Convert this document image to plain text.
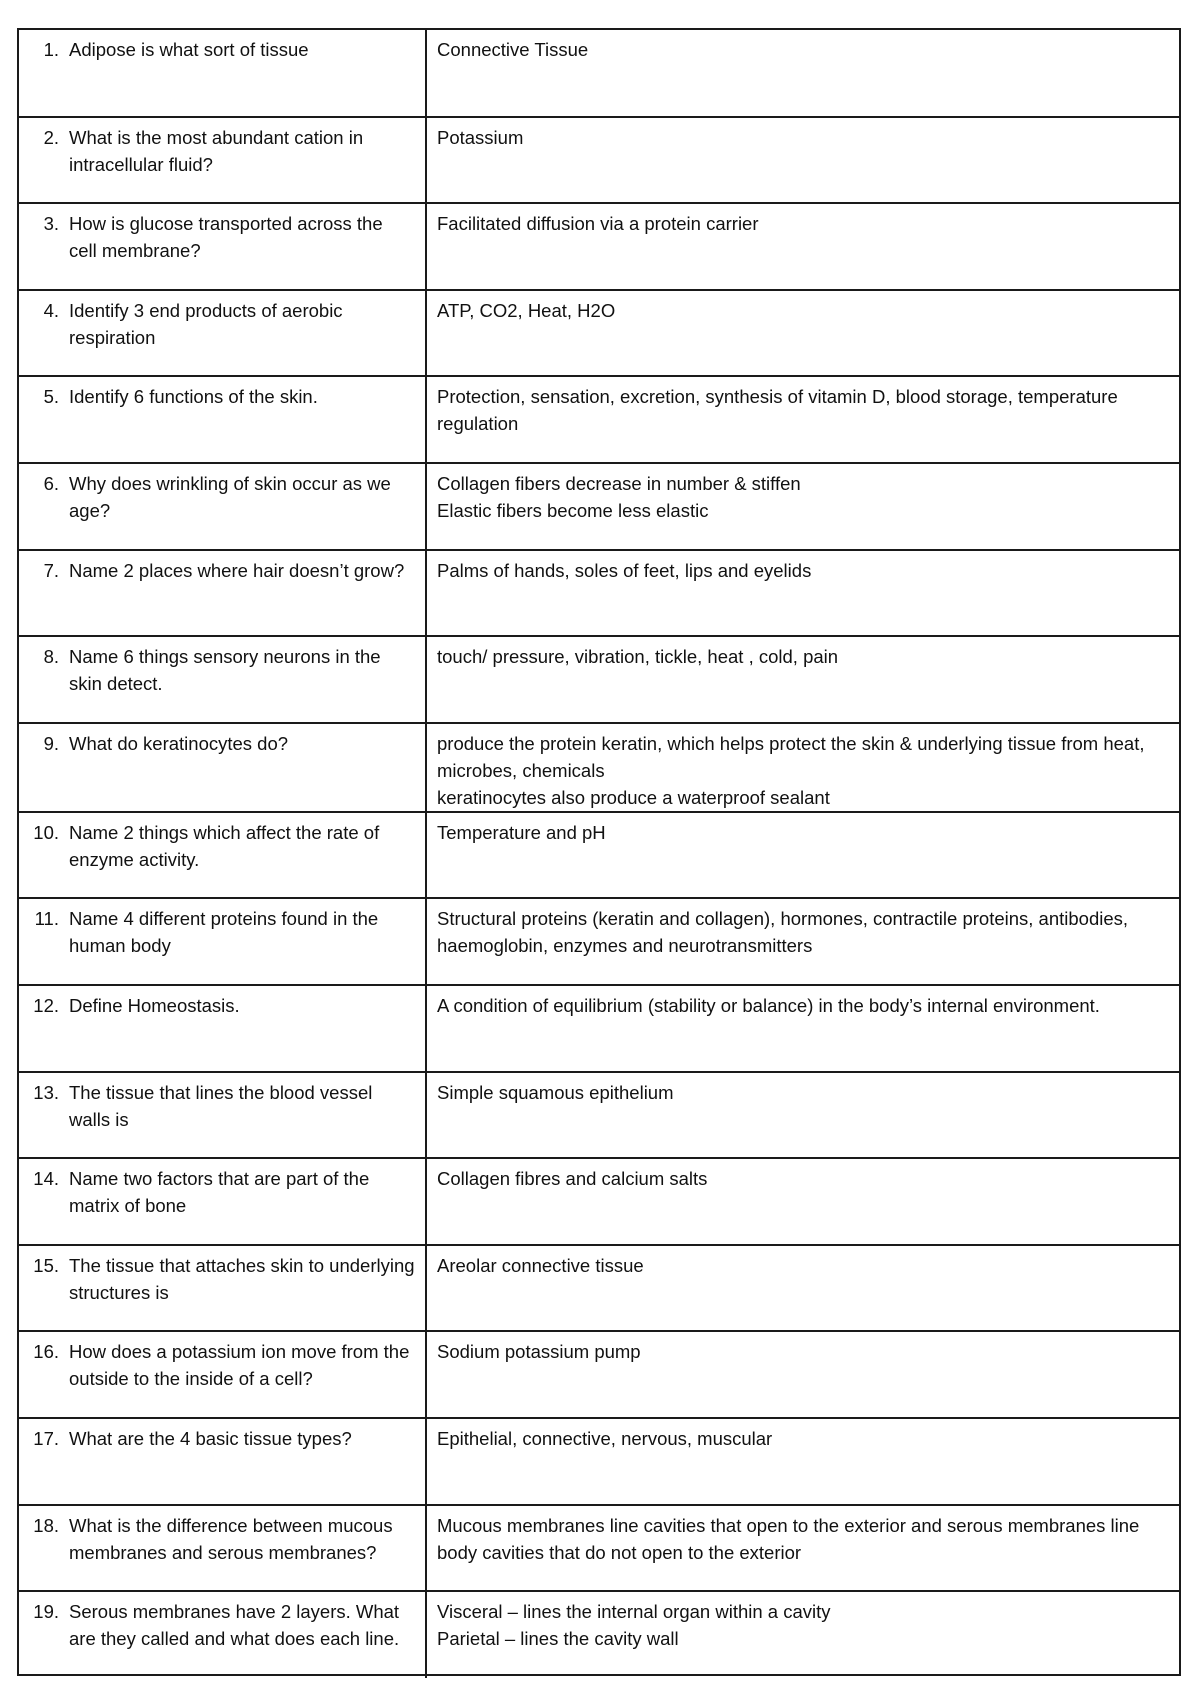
1. Adipose is what sort of tissue	Connective Tissue

2. What is the most abundant cation in intracellular fluid?	Potassium

3. How is glucose transported across the cell membrane?	Facilitated diffusion via a protein carrier

4. Identify 3 end products of aerobic respiration	ATP, CO2, Heat, H2O

5. Identify 6 functions of the skin.	Protection, sensation, excretion, synthesis of vitamin D, blood storage, temperature regulation

6. Why does wrinkling of skin occur as we age?	Collagen fibers decrease in number & stiffen
Elastic fibers become less elastic

7. Name 2 places where hair doesn’t grow?	Palms of hands, soles of feet, lips and eyelids

8. Name 6 things sensory neurons in the skin detect.	touch/ pressure, vibration, tickle, heat , cold, pain

9. What do keratinocytes do?	produce the protein keratin, which helps protect the skin & underlying tissue from heat, microbes, chemicals
keratinocytes also produce a waterproof sealant

10. Name 2 things which affect the rate of enzyme activity.	Temperature and pH

11. Name 4 different proteins found in the human body	Structural proteins (keratin and collagen), hormones, contractile proteins, antibodies, haemoglobin, enzymes and neurotransmitters

12. Define Homeostasis.	A condition of equilibrium (stability or balance) in the body’s internal environment.

13. The tissue that lines the blood vessel walls is	Simple squamous epithelium

14. Name two factors that are part of the matrix of bone	Collagen fibres and calcium salts

15. The tissue that attaches skin to underlying structures is	Areolar connective tissue

16. How does a potassium ion move from the outside to the inside of a cell?	Sodium potassium pump

17. What are the 4 basic tissue types?	Epithelial, connective, nervous, muscular

18. What is the difference between mucous membranes and serous membranes?	Mucous membranes line cavities that open to the exterior and serous membranes line body cavities that do not open to the exterior

19. Serous membranes have 2 layers. What are they called and what does each line.	Visceral – lines the internal organ within a cavity
Parietal – lines the cavity wall
